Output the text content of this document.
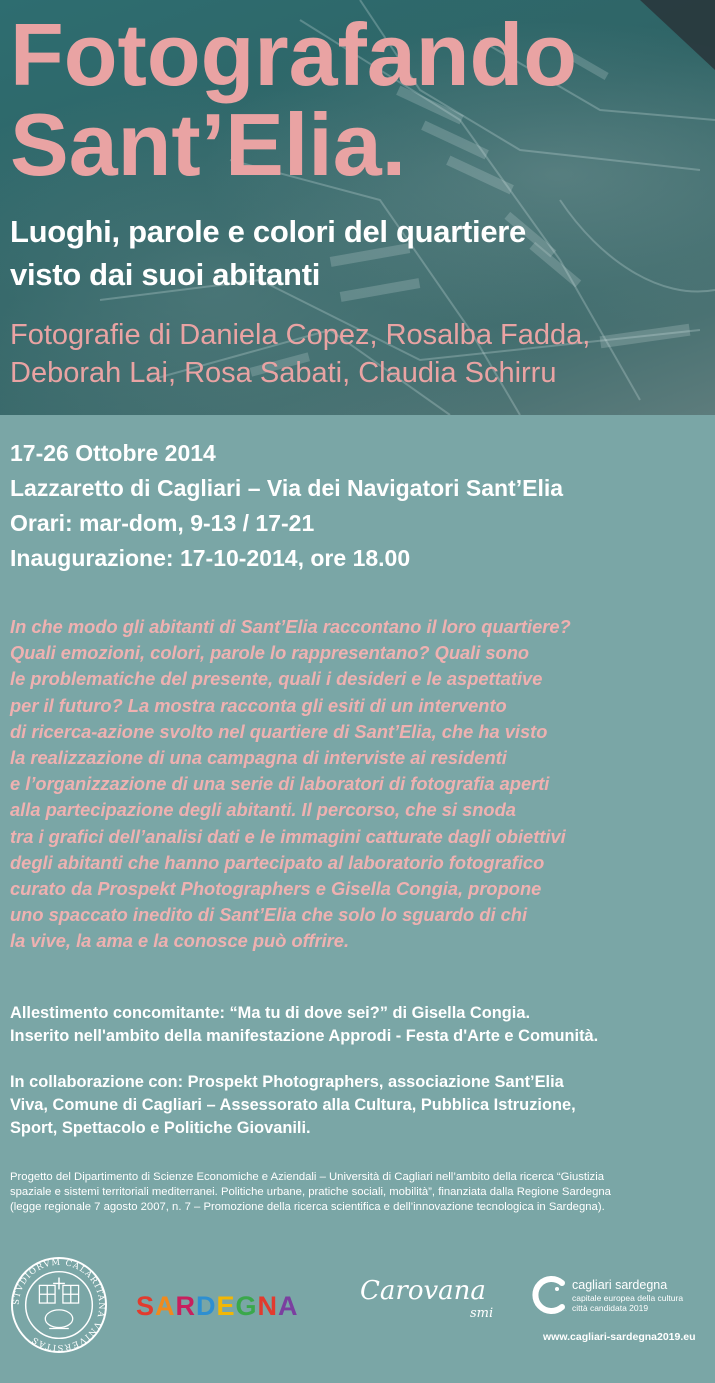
Fotografando
Sant’Elia.
Luoghi, parole e colori del quartiere
visto dai suoi abitanti
Fotografie di Daniela Copez, Rosalba Fadda,
Deborah Lai, Rosa Sabati, Claudia Schirru
17-26 Ottobre 2014
Lazzaretto di Cagliari – Via dei Navigatori Sant’Elia
Orari: mar-dom, 9-13 / 17-21
Inaugurazione: 17-10-2014, ore 18.00
In che modo gli abitanti di Sant’Elia raccontano il loro quartiere?
Quali emozioni, colori, parole lo rappresentano? Quali sono
le problematiche del presente, quali i desideri e le aspettative
per il futuro? La mostra racconta gli esiti di un intervento
di ricerca-azione svolto nel quartiere di Sant’Elia, che ha visto
la realizzazione di una campagna di interviste ai residenti
e l’organizzazione di una serie di laboratori di fotografia aperti
alla partecipazione degli abitanti. Il percorso, che si snoda
tra i grafici dell’analisi dati e le immagini catturate dagli obiettivi
degli abitanti che hanno partecipato al laboratorio fotografico
curato da Prospekt Photographers e Gisella Congia, propone
uno spaccato inedito di Sant’Elia che solo lo sguardo di chi
la vive, la ama e la conosce può offrire.
Allestimento concomitante: “Ma tu di dove sei?” di Gisella Congia.
Inserito nell'ambito della manifestazione Approdi - Festa d'Arte e Comunità.
In collaborazione con: Prospekt Photographers, associazione Sant’Elia
Viva, Comune di Cagliari – Assessorato alla Cultura, Pubblica Istruzione,
Sport, Spettacolo e Politiche Giovanili.
Progetto del Dipartimento di Scienze Economiche e Aziendali – Università di Cagliari nell’ambito della ricerca “Giustizia
spaziale e sistemi territoriali mediterranei. Politiche urbane, pratiche sociali, mobilità”, finanziata dalla Regione Sardegna
(legge regionale 7 agosto 2007, n. 7 – Promozione della ricerca scientifica e dell’innovazione tecnologica in Sardegna).
STVDIORVM CALARITANA VNIVERSITAS
SARDEGNA Carovana
smi
cagliari sardegna
capitale europea della cultura
città candidata 2019
www.cagliari-sardegna2019.eu
